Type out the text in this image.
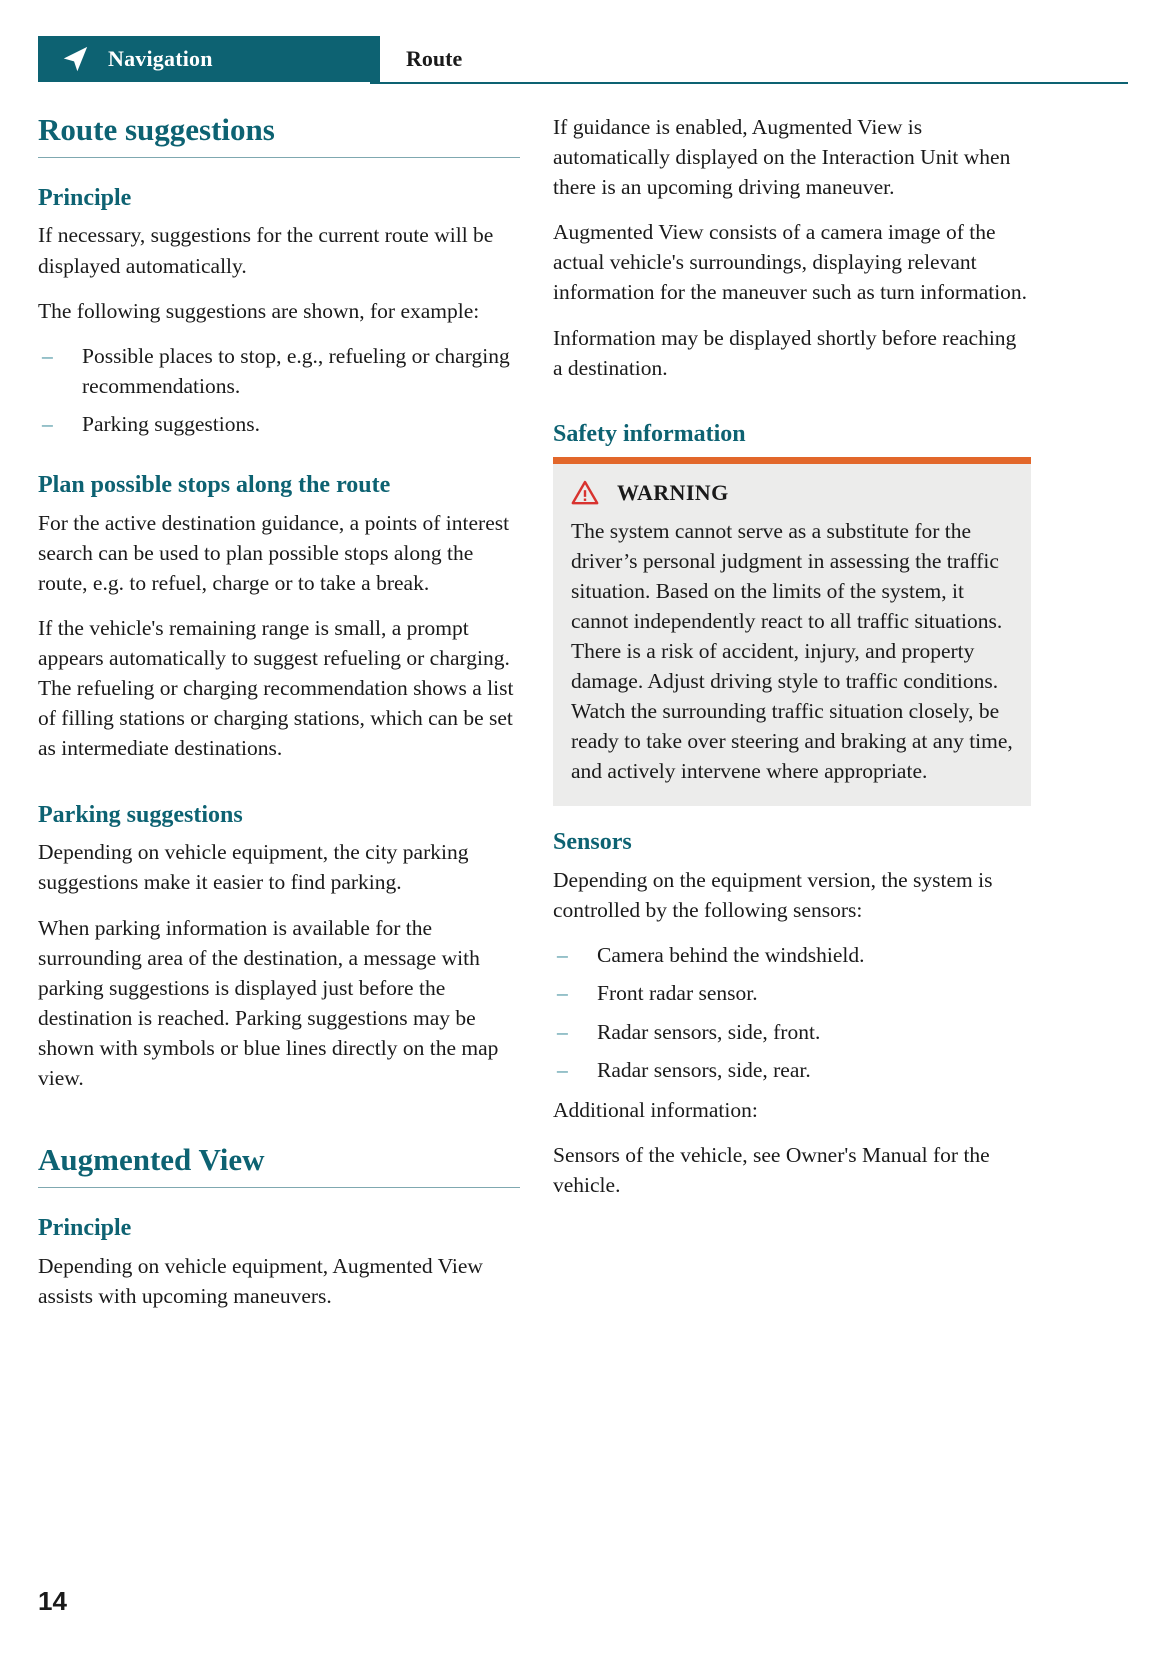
Navigation	Route
Route suggestions
Principle

If necessary, suggestions for the current route will be displayed automatically.

The following suggestions are shown, for example:

– Possible places to stop, e.g., refueling or charging recommendations.
– Parking suggestions.
Plan possible stops along the route

For the active destination guidance, a points of interest search can be used to plan possible stops along the route, e.g. to refuel, charge or to take a break.

If the vehicle's remaining range is small, a prompt appears automatically to suggest refueling or charging. The refueling or charging recommendation shows a list of filling stations or charging stations, which can be set as intermediate destinations.

Parking suggestions

Depending on vehicle equipment, the city parking suggestions make it easier to find parking.

When parking information is available for the surrounding area of the destination, a message with parking suggestions is displayed just before the destination is reached. Parking suggestions may be shown with symbols or blue lines directly on the map view.

Augmented View
Principle

Depending on vehicle equipment, Augmented View assists with upcoming maneuvers.

If guidance is enabled, Augmented View is automatically displayed on the Interaction Unit when there is an upcoming driving maneuver.

Augmented View consists of a camera image of the actual vehicle's surroundings, displaying relevant information for the maneuver such as turn information.

Information may be displayed shortly before reaching a destination.

Safety information
WARNING

The system cannot serve as a substitute for the driver’s personal judgment in assessing the traffic situation. Based on the limits of the system, it cannot independently react to all traffic situations. There is a risk of accident, injury, and property damage. Adjust driving style to traffic conditions. Watch the surrounding traffic situation closely, be ready to take over steering and braking at any time, and actively intervene where appropriate.

Sensors

Depending on the equipment version, the system is controlled by the following sensors:

– Camera behind the windshield.
– Front radar sensor.
– Radar sensors, side, front.
– Radar sensors, side, rear.

Additional information:

Sensors of the vehicle, see Owner's Manual for the vehicle.

14
